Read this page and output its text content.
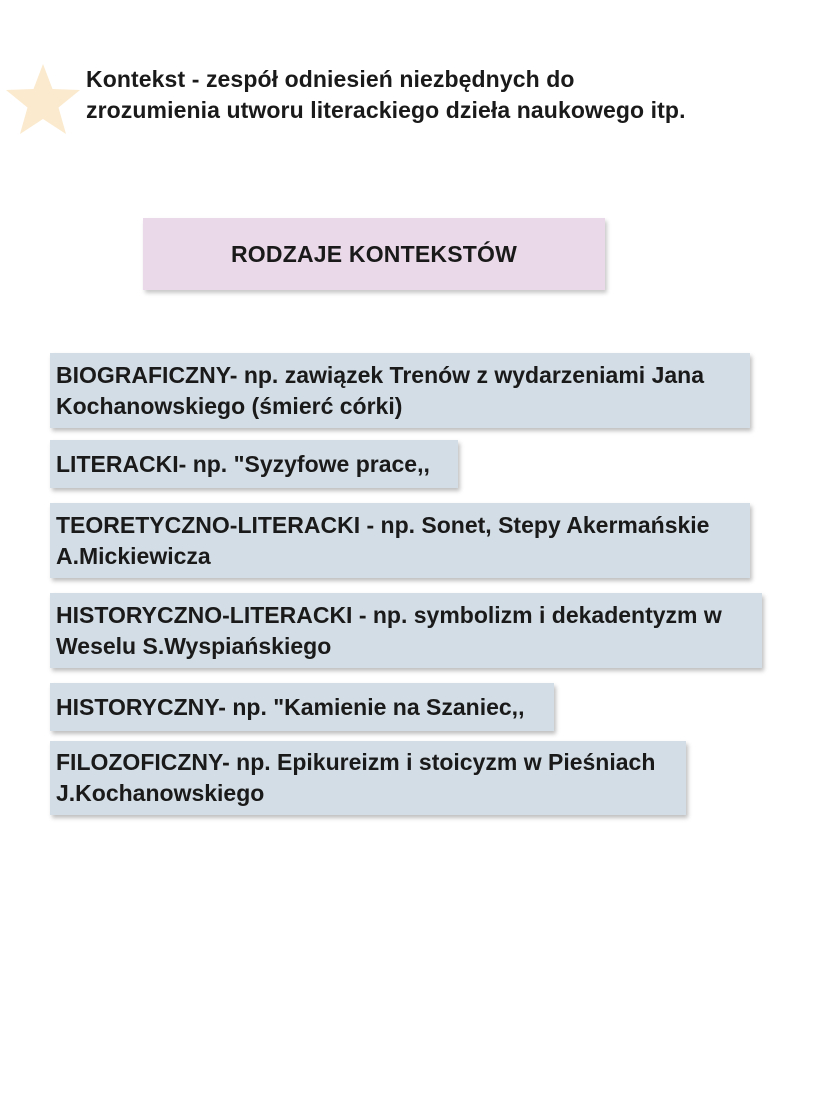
Kontekst - zespół odniesień niezbędnych do zrozumienia utworu literackiego dzieła naukowego itp.

RODZAJE KONTEKSTÓW
BIOGRAFICZNY- np. zawiązek Trenów z wydarzeniami Jana Kochanowskiego (śmierć córki)
LITERACKI- np. "Syzyfowe prace,,
TEORETYCZNO-LITERACKI - np. Sonet, Stepy Akermańskie A.Mickiewicza
HISTORYCZNO-LITERACKI - np. symbolizm i dekadentyzm w Weselu S.Wyspiańskiego
HISTORYCZNY- np. "Kamienie na Szaniec,,
FILOZOFICZNY- np. Epikureizm i stoicyzm w Pieśniach J.Kochanowskiego
